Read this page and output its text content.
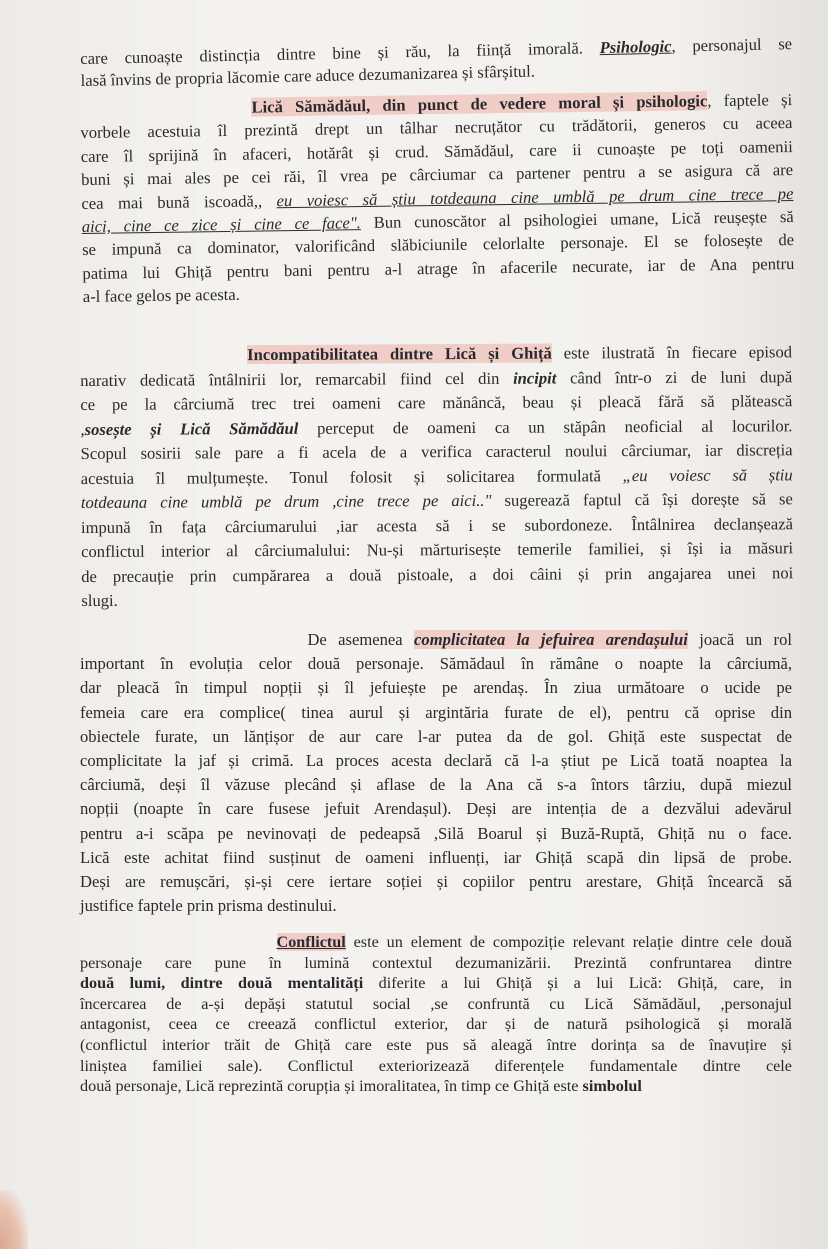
care cunoaște distincția dintre bine și rău, la ființă imorală. Psihologic, personajul se
lasă învins de propria lăcomie care aduce dezumanizarea și sfârșitul.
Lică Sămădăul, din punct de vedere moral și psihologic, faptele și
vorbele acestuia îl prezintă drept un tâlhar necruțător cu trădătorii, generos cu aceea
care îl sprijină în afaceri, hotărât și crud. Sămădăul, care ii cunoaște pe toți oamenii
buni și mai ales pe cei răi, îl vrea pe cârciumar ca partener pentru a se asigura că are
cea mai bună iscoadă,, eu voiesc să știu totdeauna cine umblă pe drum cine trece pe
aici, cine ce zice și cine ce face". Bun cunoscător al psihologiei umane, Lică reușește să
se impună ca dominator, valorificând slăbiciunile celorlalte personaje. El se folosește de
patima lui Ghiță pentru bani pentru a-l atrage în afacerile necurate, iar de Ana pentru
a-l face gelos pe acesta.
Incompatibilitatea dintre Lică și Ghiță este ilustrată în fiecare episod
narativ dedicată întâlnirii lor, remarcabil fiind cel din incipit când într-o zi de luni după
ce pe la cârciumă trec trei oameni care mănâncă, beau și pleacă fără să plătească
,sosește și Lică Sămădăul perceput de oameni ca un stăpân neoficial al locurilor.
Scopul sosirii sale pare a fi acela de a verifica caracterul noului cârciumar, iar discreția
acestuia îl mulțumește. Tonul folosit și solicitarea formulată „eu voiesc să știu
totdeauna cine umblă pe drum ,cine trece pe aici.." sugerează faptul că își dorește să se
impună în fața cârciumarului ,iar acesta să i se subordoneze. Întâlnirea declanșează
conflictul interior al cârciumalului: Nu-și mărturisește temerile familiei, și își ia măsuri
de precauție prin cumpărarea a două pistoale, a doi câini și prin angajarea unei noi
slugi.
De asemenea complicitatea la jefuirea arendașului joacă un rol
important în evoluția celor două personaje. Sămădaul în rămâne o noapte la cârciumă,
dar pleacă în timpul nopții și îl jefuiește pe arendaș. În ziua următoare o ucide pe
femeia care era complice( tinea aurul și argintăria furate de el), pentru că oprise din
obiectele furate, un lănțișor de aur care l-ar putea da de gol. Ghiță este suspectat de
complicitate la jaf și crimă. La proces acesta declară că l-a știut pe Lică toată noaptea la
cârciumă, deși îl văzuse plecând și aflase de la Ana că s-a întors târziu, după miezul
nopții (noapte în care fusese jefuit Arendașul). Deși are intenția de a dezvălui adevărul
pentru a-i scăpa pe nevinovați de pedeapsă ,Silă Boarul și Buză-Ruptă, Ghiță nu o face.
Lică este achitat fiind susținut de oameni influenți, iar Ghiță scapă din lipsă de probe.
Deși are remușcări, și-și cere iertare soției și copiilor pentru arestare, Ghiță încearcă să
justifice faptele prin prisma destinului.
Conflictul este un element de compoziție relevant relație dintre cele două
personaje care pune în lumină contextul dezumanizării. Prezintă confruntarea dintre
două lumi, dintre două mentalități diferite a lui Ghiță și a lui Lică: Ghiță, care, in
încercarea de a-și depăși statutul social ,se confruntă cu Lică Sămădăul, ,personajul
antagonist, ceea ce creează conflictul exterior, dar și de natură psihologică și morală
(conflictul interior trăit de Ghiță care este pus să aleagă între dorința sa de înavuțire și
liniștea familiei sale). Conflictul exteriorizează diferențele fundamentale dintre cele
două personaje, Lică reprezintă corupția și imoralitatea, în timp ce Ghiță este simbolul
